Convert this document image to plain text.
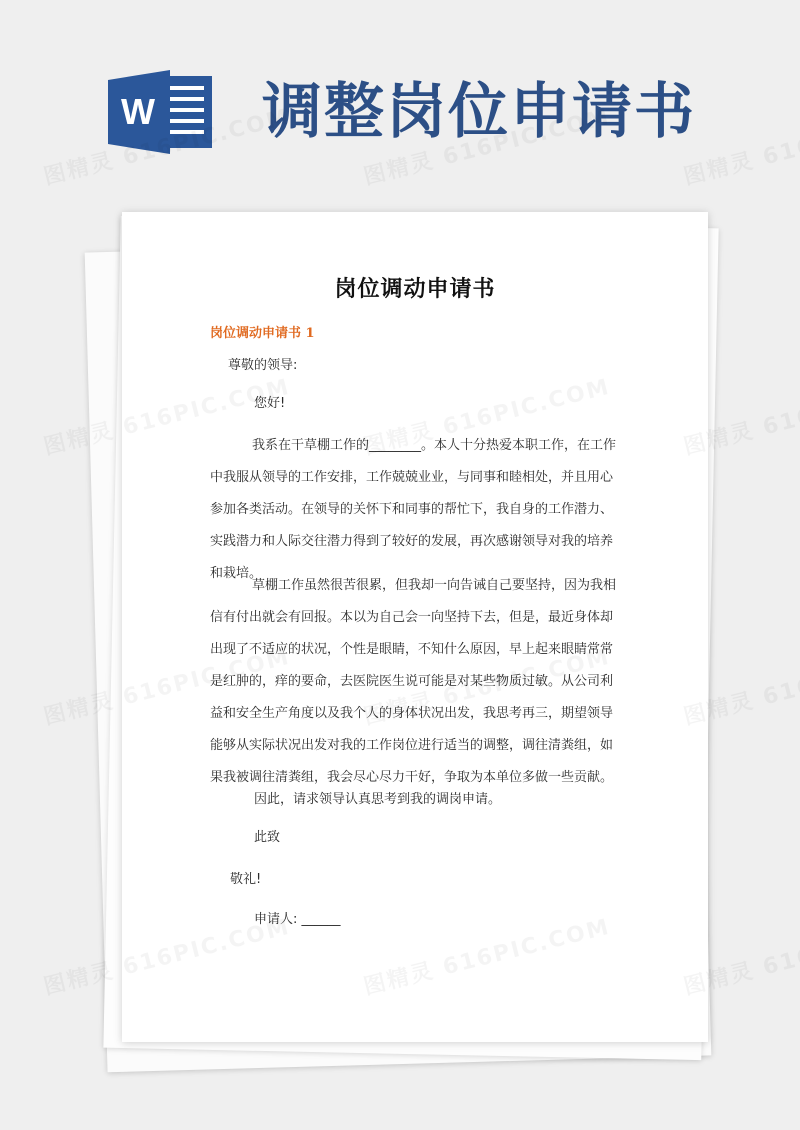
W 调整岗位申请书
岗位调动申请书
岗位调动申请书 1
尊敬的领导:
您好!
我系在干草棚工作的________。本人十分热爱本职工作，在工作中我服从领导的工作安排，工作兢兢业业，与同事和睦相处，并且用心参加各类活动。在领导的关怀下和同事的帮忙下，我自身的工作潜力、实践潜力和人际交往潜力得到了较好的发展，再次感谢领导对我的培养和栽培。
草棚工作虽然很苦很累，但我却一向告诫自己要坚持，因为我相信有付出就会有回报。本以为自己会一向坚持下去，但是，最近身体却出现了不适应的状况，个性是眼睛，不知什么原因，早上起来眼睛常常是红肿的，痒的要命，去医院医生说可能是对某些物质过敏。从公司利益和安全生产角度以及我个人的身体状况出发，我思考再三，期望领导能够从实际状况出发对我的工作岗位进行适当的调整，调往清粪组，如果我被调往清粪组，我会尽心尽力干好，争取为本单位多做一些贡献。
因此，请求领导认真思考到我的调岗申请。
此致
敬礼!
申请人: ______
